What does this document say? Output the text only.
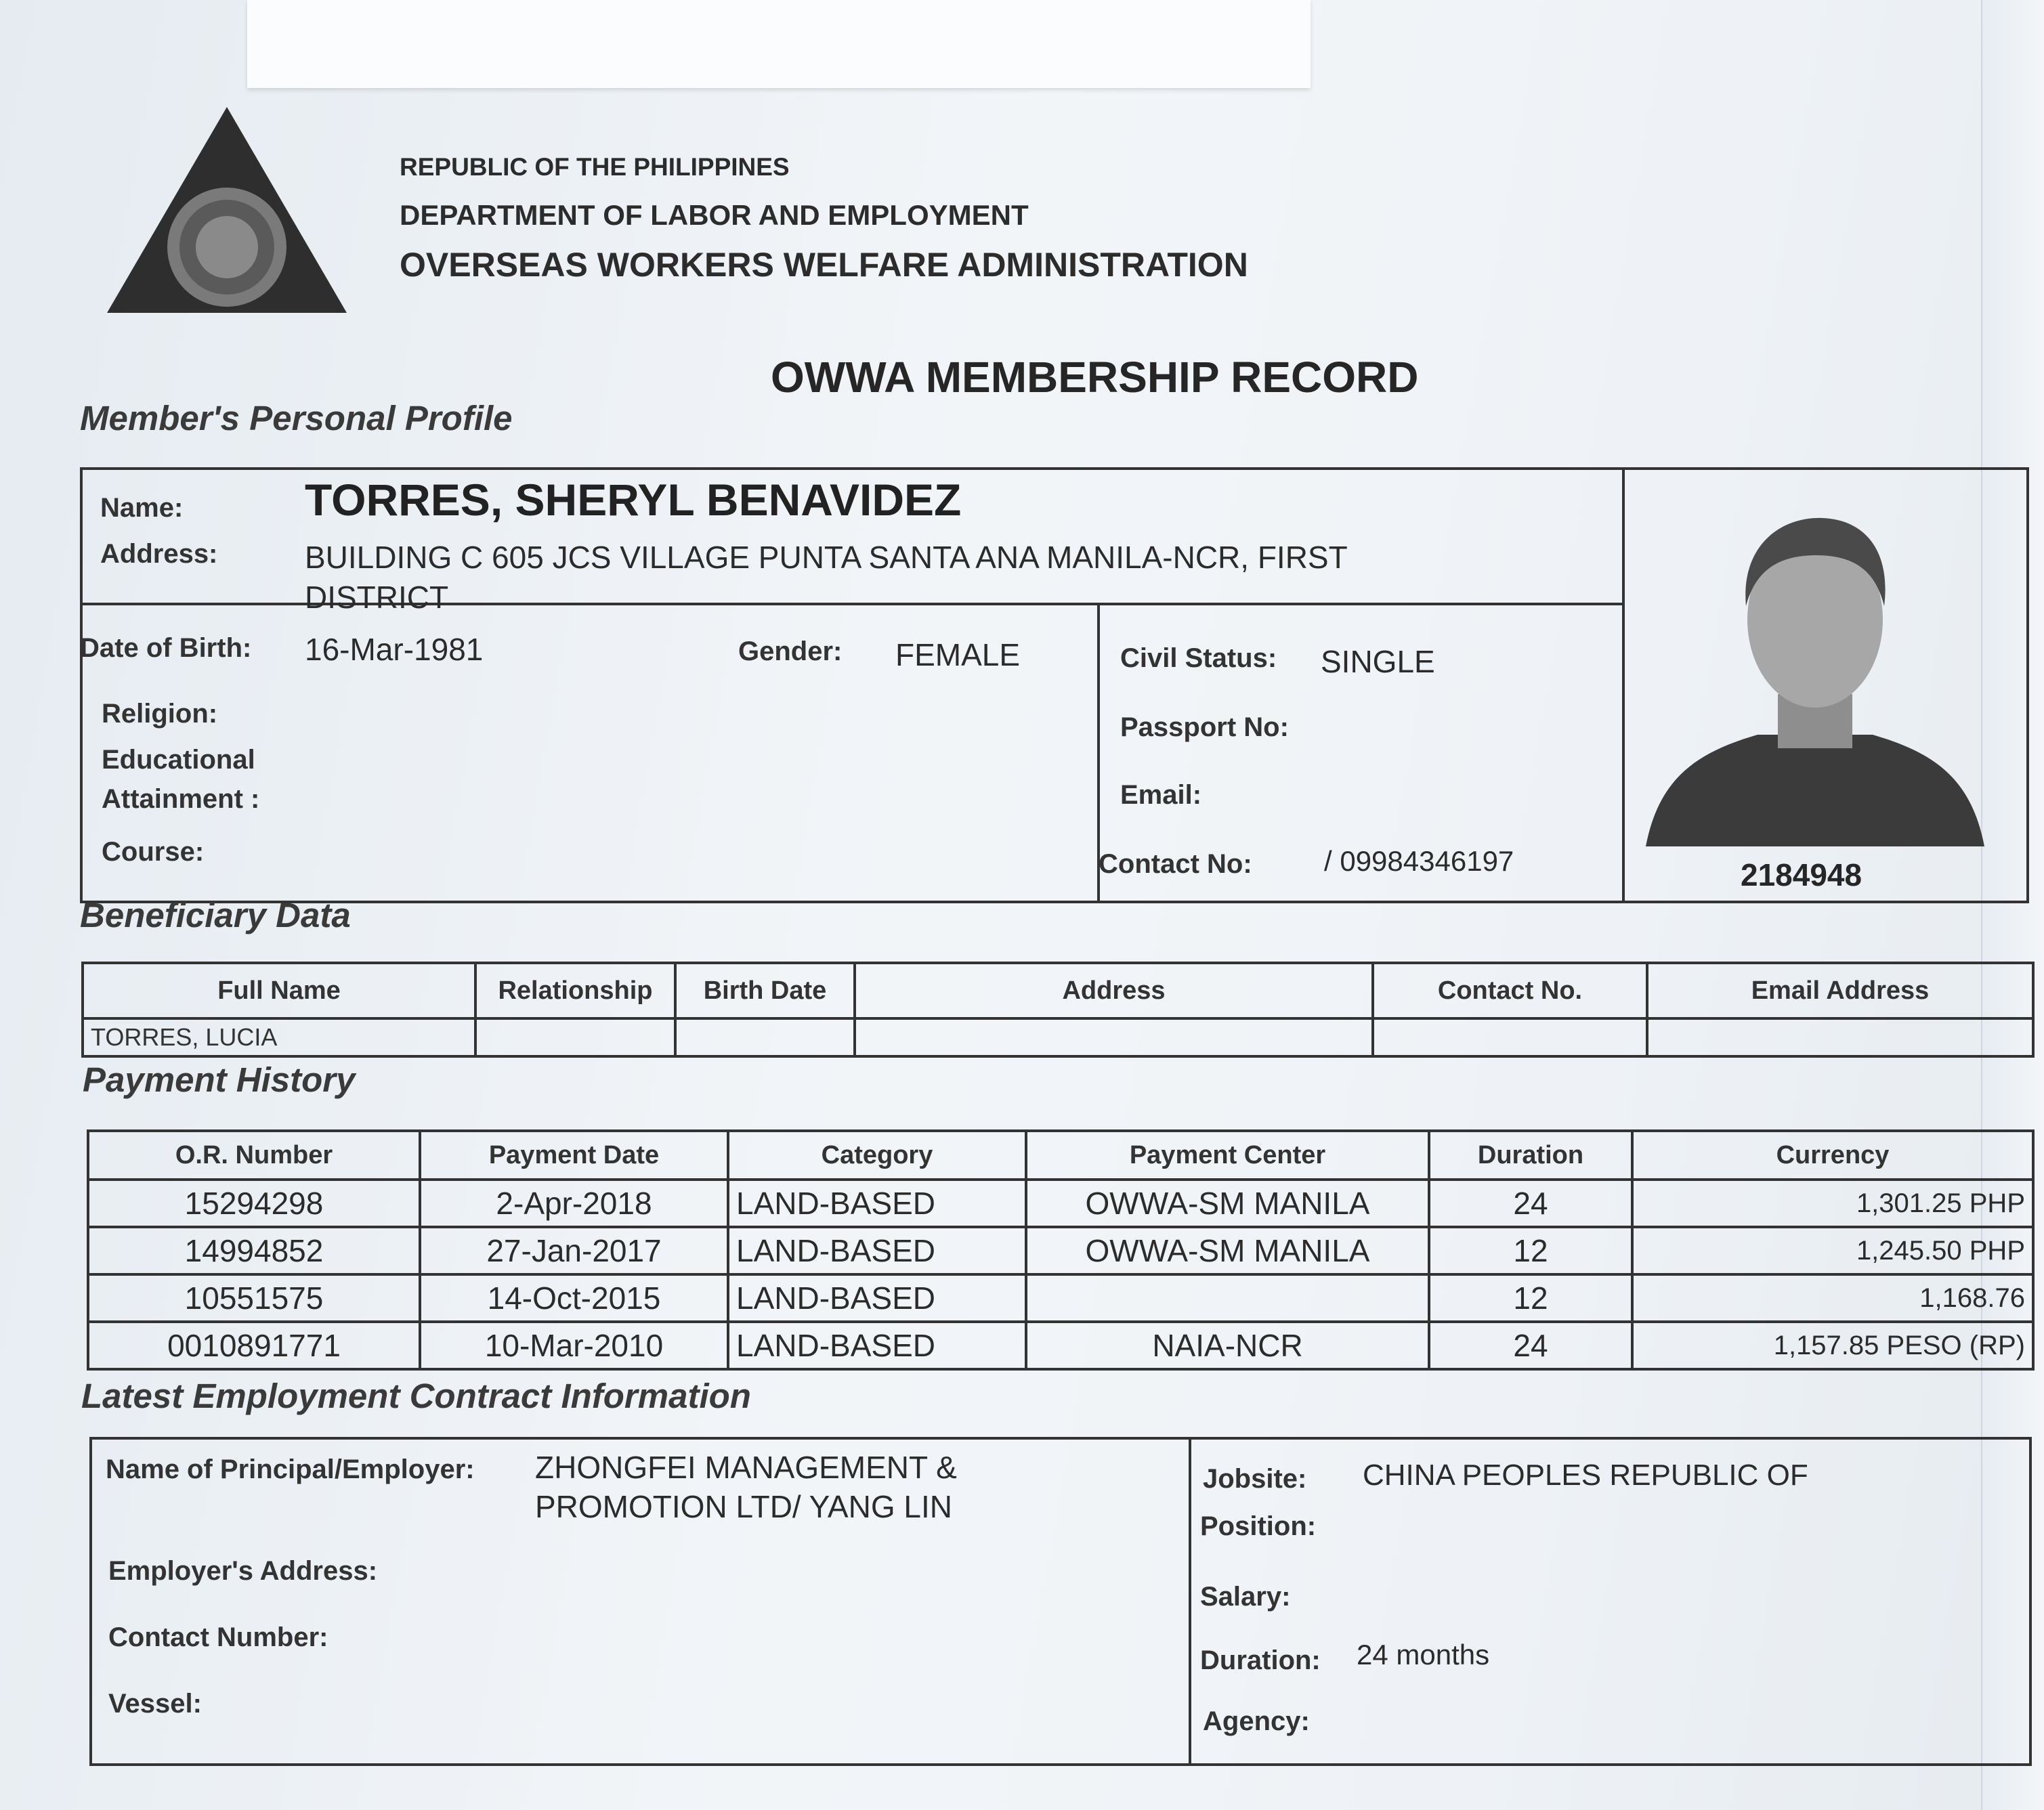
REPUBLIC OF THE PHILIPPINES
DEPARTMENT OF LABOR AND EMPLOYMENT
OVERSEAS WORKERS WELFARE ADMINISTRATION
OWWA MEMBERSHIP RECORD
Member's Personal Profile
Name:	TORRES, SHERYL BENAVIDEZ
Address:	BUILDING C 605 JCS VILLAGE PUNTA SANTA ANA MANILA-NCR, FIRST
DISTRICT
Date of Birth: 16-Mar-1981	Gender: FEMALE	Civil Status: SINGLE
Religion:
Educational
Attainment :
Course:
Passport No:
Email:
Contact No:	/ 09984346197	2184948
Beneficiary Data
Full Name	Relationship	Birth Date	Address	Contact No.	Email Address
TORRES, LUCIA					
Payment History
O.R. Number	Payment Date	Category	Payment Center	Duration	Currency
15294298	2-Apr-2018	LAND-BASED	OWWA-SM MANILA	24	1,301.25 PHP
14994852	27-Jan-2017	LAND-BASED	OWWA-SM MANILA	12	1,245.50 PHP
10551575	14-Oct-2015	LAND-BASED		12	1,168.76
0010891771	10-Mar-2010	LAND-BASED	NAIA-NCR	24	1,157.85 PESO (RP)
Latest Employment Contract Information
Name of Principal/Employer: ZHONGFEI MANAGEMENT &
PROMOTION LTD/ YANG LIN
Employer's Address:
Contact Number:
Vessel:
Jobsite: CHINA PEOPLES REPUBLIC OF
Position:
Salary:
Duration: 24 months
Agency:
